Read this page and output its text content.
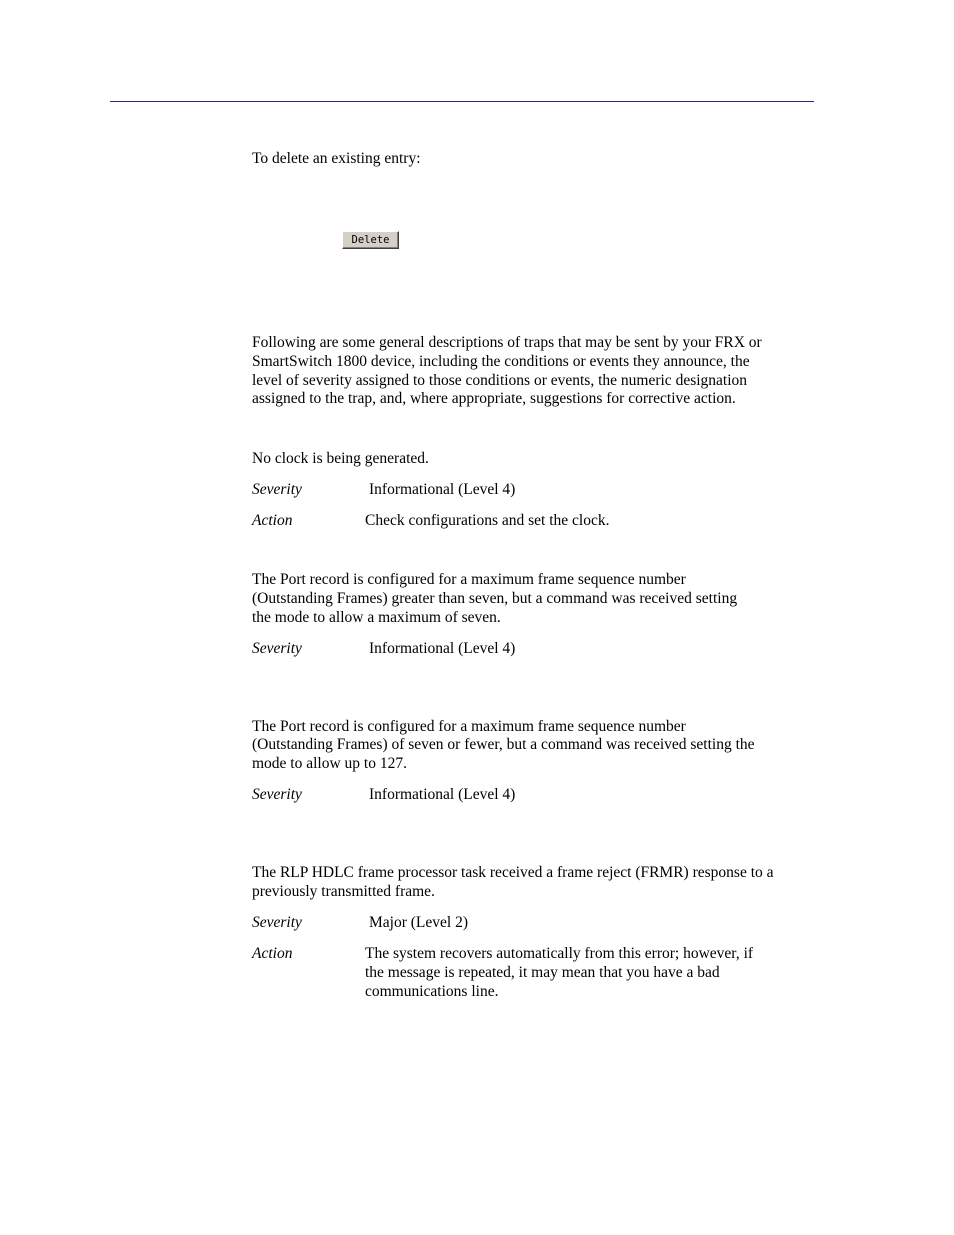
To delete an existing entry:
Delete
Following are some general descriptions of traps that may be sent by your FRX or
SmartSwitch 1800 device, including the conditions or events they announce, the
level of severity assigned to those conditions or events, the numeric designation
assigned to the trap, and, where appropriate, suggestions for corrective action.
No clock is being generated.
Severity	Informational (Level 4)
Action	Check configurations and set the clock.
The Port record is configured for a maximum frame sequence number
(Outstanding Frames) greater than seven, but a command was received setting
the mode to allow a maximum of seven.
Severity	Informational (Level 4)
The Port record is configured for a maximum frame sequence number
(Outstanding Frames) of seven or fewer, but a command was received setting the
mode to allow up to 127.
Severity	Informational (Level 4)
The RLP HDLC frame processor task received a frame reject (FRMR) response to a
previously transmitted frame.
Severity	Major (Level 2)
Action	The system recovers automatically from this error; however, if
the message is repeated, it may mean that you have a bad
communications line.
